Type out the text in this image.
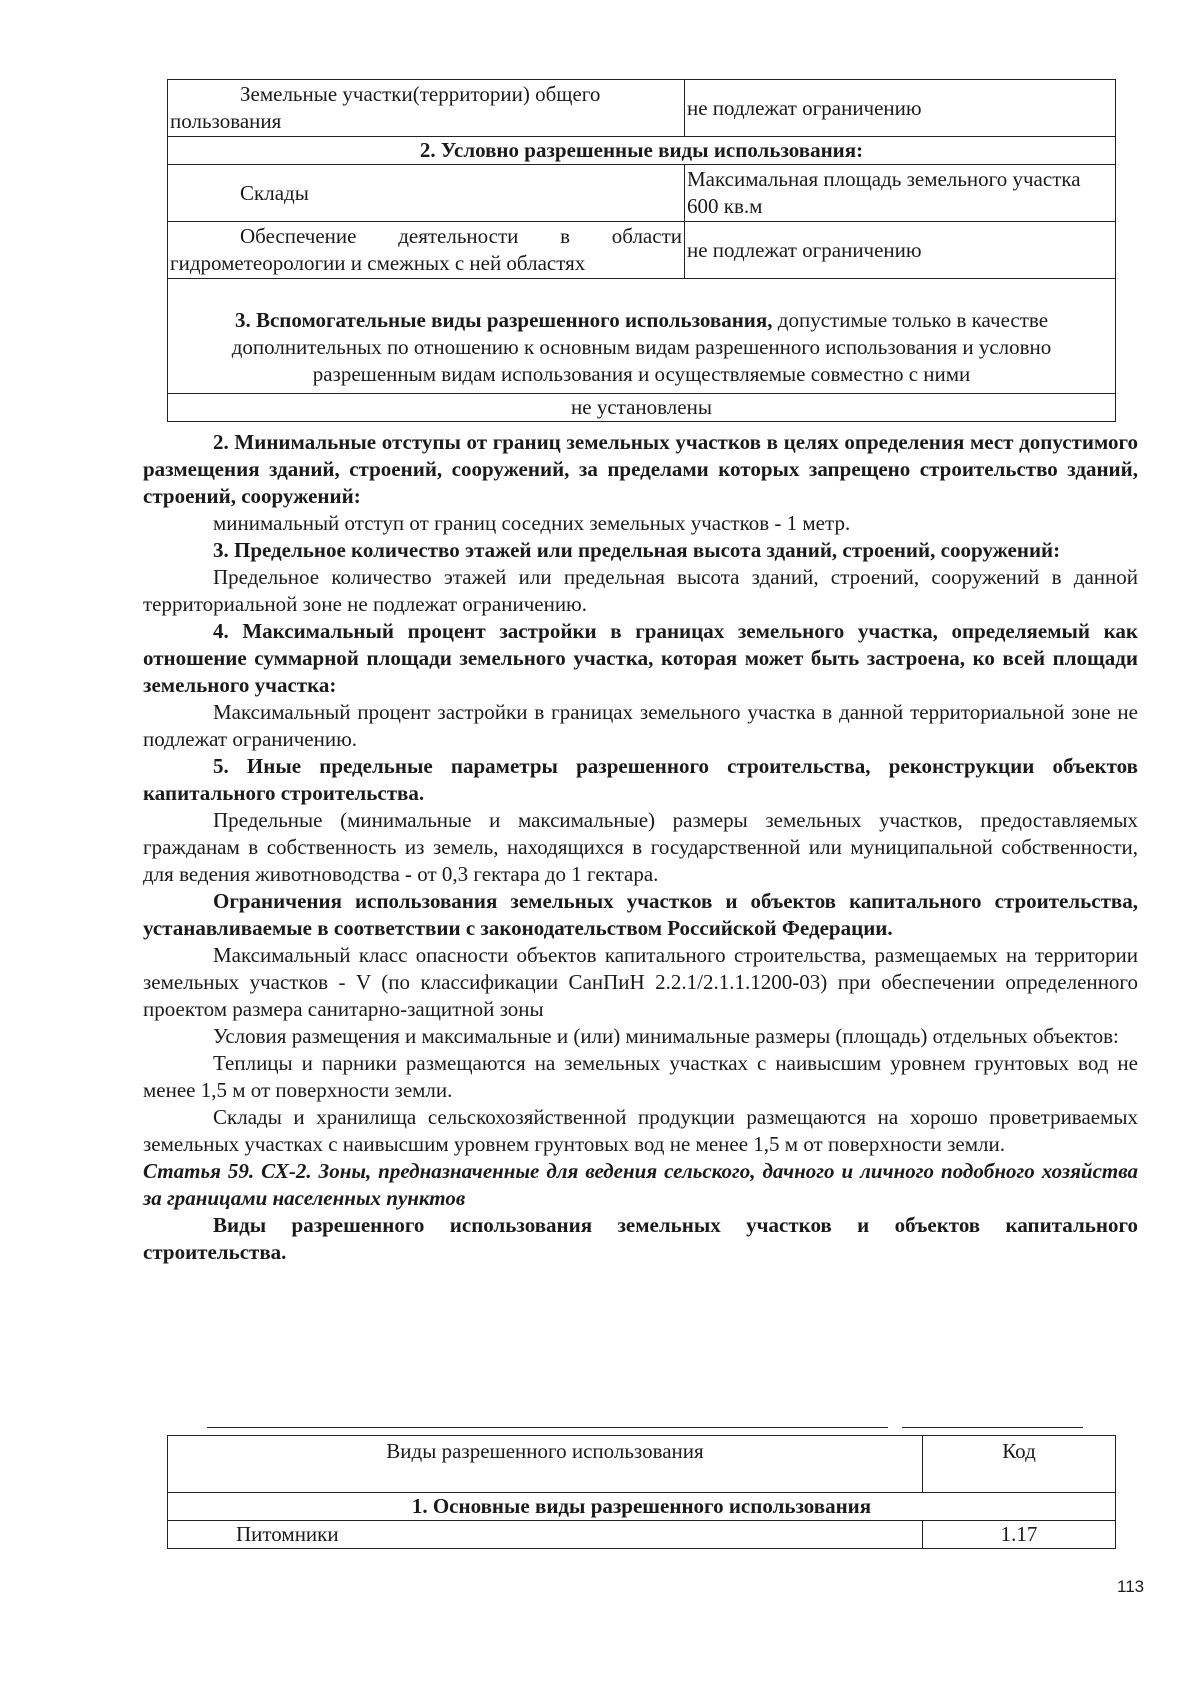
Земельные участки(территории) общего пользования	не подлежат ограничению
2. Условно разрешенные виды использования:	
Склады	Максимальная площадь земельного участка 600 кв.м
Обеспечение деятельности в области гидрометеорологии и смежных с ней областях	не подлежат ограничению
3. Вспомогательные виды разрешенного использования, допустимые только в качестве дополнительных по отношению к основным видам разрешенного использования и условно разрешенным видам использования и осуществляемые совместно с ними	
не установлены	

2. Минимальные отступы от границ земельных участков в целях определения мест допустимого размещения зданий, строений, сооружений, за пределами которых запрещено строительство зданий, строений, сооружений:

минимальный отступ от границ соседних земельных участков - 1 метр.

3. Предельное количество этажей или предельная высота зданий, строений, сооружений:

Предельное количество этажей или предельная высота зданий, строений, сооружений в данной территориальной зоне не подлежат ограничению.

4. Максимальный процент застройки в границах земельного участка, определяемый как отношение суммарной площади земельного участка, которая может быть застроена, ко всей площади земельного участка:

Максимальный процент застройки в границах земельного участка в данной территориальной зоне не подлежат ограничению.

5. Иные предельные параметры разрешенного строительства, реконструкции объектов капитального строительства.

Предельные (минимальные и максимальные) размеры земельных участков, предоставляемых гражданам в собственность из земель, находящихся в государственной или муниципальной собственности, для ведения животноводства - от 0,3 гектара до 1 гектара.

Ограничения использования земельных участков и объектов капитального строительства, устанавливаемые в соответствии с законодательством Российской Федерации.

Максимальный класс опасности объектов капитального строительства, размещаемых на территории земельных участков - V (по классификации СанПиН 2.2.1/2.1.1.1200-03) при обеспечении определенного проектом размера санитарно-защитной зоны

Условия размещения и максимальные и (или) минимальные размеры (площадь) отдельных объектов:

Теплицы и парники размещаются на земельных участках с наивысшим уровнем грунтовых вод не менее 1,5 м от поверхности земли.

Склады и хранилища сельскохозяйственной продукции размещаются на хорошо проветриваемых земельных участках с наивысшим уровнем грунтовых вод не менее 1,5 м от поверхности земли.

Статья 59. СХ-2. Зоны, предназначенные для ведения сельского, дачного и личного подобного хозяйства за границами населенных пунктов

Виды разрешенного использования земельных участков и объектов капитального строительства.

Виды разрешенного использования	Код
1. Основные виды разрешенного использования	
Питомники	1.17
113
